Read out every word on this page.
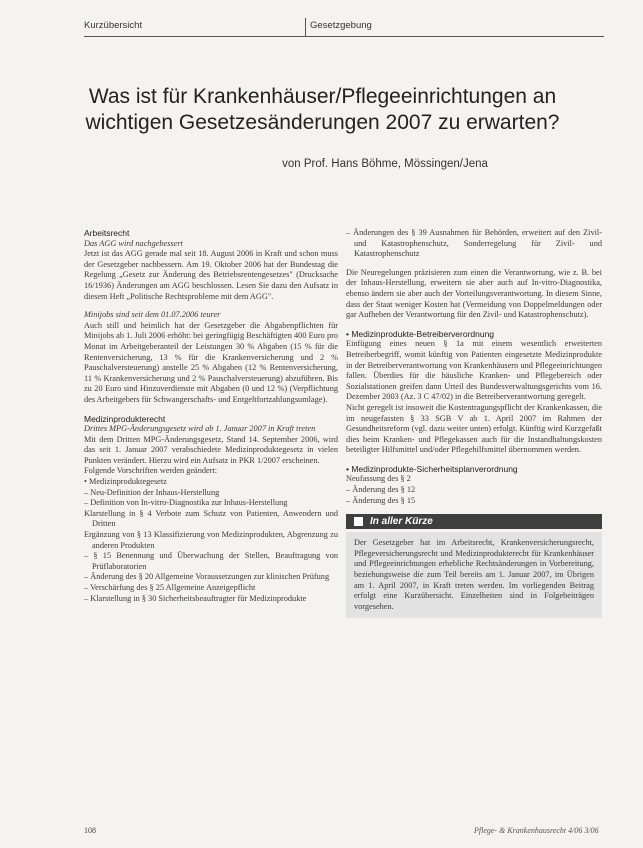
Kurzübersicht	Gesetzgebung
Was ist für Krankenhäuser/Pflegeeinrichtungen an wichtigen Gesetzesänderungen 2007 zu erwarten?
von Prof. Hans Böhme, Mössingen/Jena
Arbeitsrecht
Das AGG wird nachgebessert

Jetzt ist das AGG gerade mal seit 18. August 2006 in Kraft und schon muss der Gesetzgeber nachbessern. Am 19. Oktober 2006 hat der Bundestag die Regelung „Gesetz zur Änderung des Betriebsrentengesetzes" (Drucksache 16/1936) Änderungen am AGG beschlossen. Lesen Sie dazu den Aufsatz in diesem Heft „Politische Rechtsprobleme mit dem AGG".

Minijobs sind seit dem 01.07.2006 teurer

Auch still und heimlich hat der Gesetzgeber die Abgabenpflichten für Minijobs ab 1. Juli 2006 erhöht: bei geringfügig Beschäftigten 400 Euro pro Monat im Arbeitgeberanteil der Leistungen 30 % Abgaben (15 % für die Rentenversicherung, 13 % für die Krankenversicherung und 2 % Pauschalversteuerung) anstelle 25 % Abgaben (12 % Rentenversicherung, 11 % Krankenversicherung und 2 % Pauschalversteuerung) abzuführen. Bis zu 20 Euro sind Hinzuverdienste mit Abgaben (0 und 12 %) (Verpflichtung des Arbeitgebers für Schwangerschafts- und Entgeltfortzahlungsumlage).

Medizinprodukterecht
Drittes MPG-Änderungsgesetz wird ab 1. Januar 2007 in Kraft treten

Mit dem Dritten MPG-Änderungsgesetz, Stand 14. September 2006, wird das seit 1. Januar 2007 verabschiedete Medizinproduktegesetz in vielen Punkten verändert. Hierzu wird ein Aufsatz in PKR 1/2007 erscheinen.

Folgende Vorschriften werden geändert:
• Medizinproduktegesetz
– Neu-Definition der Inhaus-Herstellung
– Definition von In-vitro-Diagnostika zur Inhaus-Herstellung
Klarstellung in § 4 Verbote zum Schutz von Patienten, Anwendern und Dritten
Ergänzung von § 13 Klassifizierung von Medizinprodukten, Abgrenzung zu anderen Produkten
– § 15 Benennung und Überwachung der Stellen, Beauftragung von Prüflaboratorien
– Änderung des § 20 Allgemeine Voraussetzungen zur klinischen Prüfung
– Verschärfung des § 25 Allgemeine Anzeigepflicht
– Klarstellung in § 30 Sicherheitsbeauftragter für Medizinprodukte
– Änderungen des § 39 Ausnahmen für Behörden, erweitert auf den Zivil- und Katastrophenschutz, Sonderregelung für Zivil- und Katastrophenschutz

Die Neuregelungen präzisieren zum einen die Verantwortung, wie z. B. bei der Inhaus-Herstellung, erweitern sie aber auch auf In-vitro-Diagnostika, ebenso ändern sie aber auch der Vorteilungsverantwortung. In diesem Sinne, dass der Staat weniger Kosten hat (Vermeidung von Doppelmeldungen oder gar Aufheben der Verantwortung für den Zivil- und Katastrophenschutz).

• Medizinprodukte-Betreiberverordnung

Einfügung eines neuen § 1a mit einem wesentlich erweiterten Betreiberbegriff, womit künftig von Patienten eingesetzte Medizinprodukte in der Betreiberverantwortung von Krankenhäusern und Pflegeeinrichtungen fallen. Überdies für die häusliche Kranken- und Pflegebereich oder Sozialstationen greifen dann Urteil des Bundesverwaltungsgerichts vom 16. Dezember 2003 (Az. 3 C 47/02) in die Betreiberverantwortung geregelt.

Nicht geregelt ist insoweit die Kostentragungspflicht der Krankenkassen, die im neugefassten § 33 SGB V ab 1. April 2007 im Rahmen der Gesundheitsreform (vgl. dazu weiter unten) erfolgt. Künftig wird Kurzgefaßt dies beim Kranken- und Pflegekassen auch für die Instandhaltungskosten beteiligter Hilfsmittel und/oder Pflegehilfsmittel übernommen werden.

• Medizinprodukte-Sicherheitsplanverordnung
Neufassung des § 2
– Änderung des § 12
– Änderung des § 15
In aller Kürze
Der Gesetzgeber hat im Arbeitsrecht, Krankenversicherungsrecht, Pflegeversicherungsrecht und Medizinprodukterecht für Krankenhäuser und Pflegeeinrichtungen erhebliche Rechtsänderungen in Vorbereitung, beziehungsweise die zum Teil bereits am 1. Januar 2007, im Übrigen am 1. April 2007, in Kraft treten werden. Im vorliegenden Beitrag erfolgt eine Kurzübersicht. Einzelheiten sind in Folgebeiträgen vorgesehen.
108	Pflege- & Krankenhausrecht 4/06 3/06
